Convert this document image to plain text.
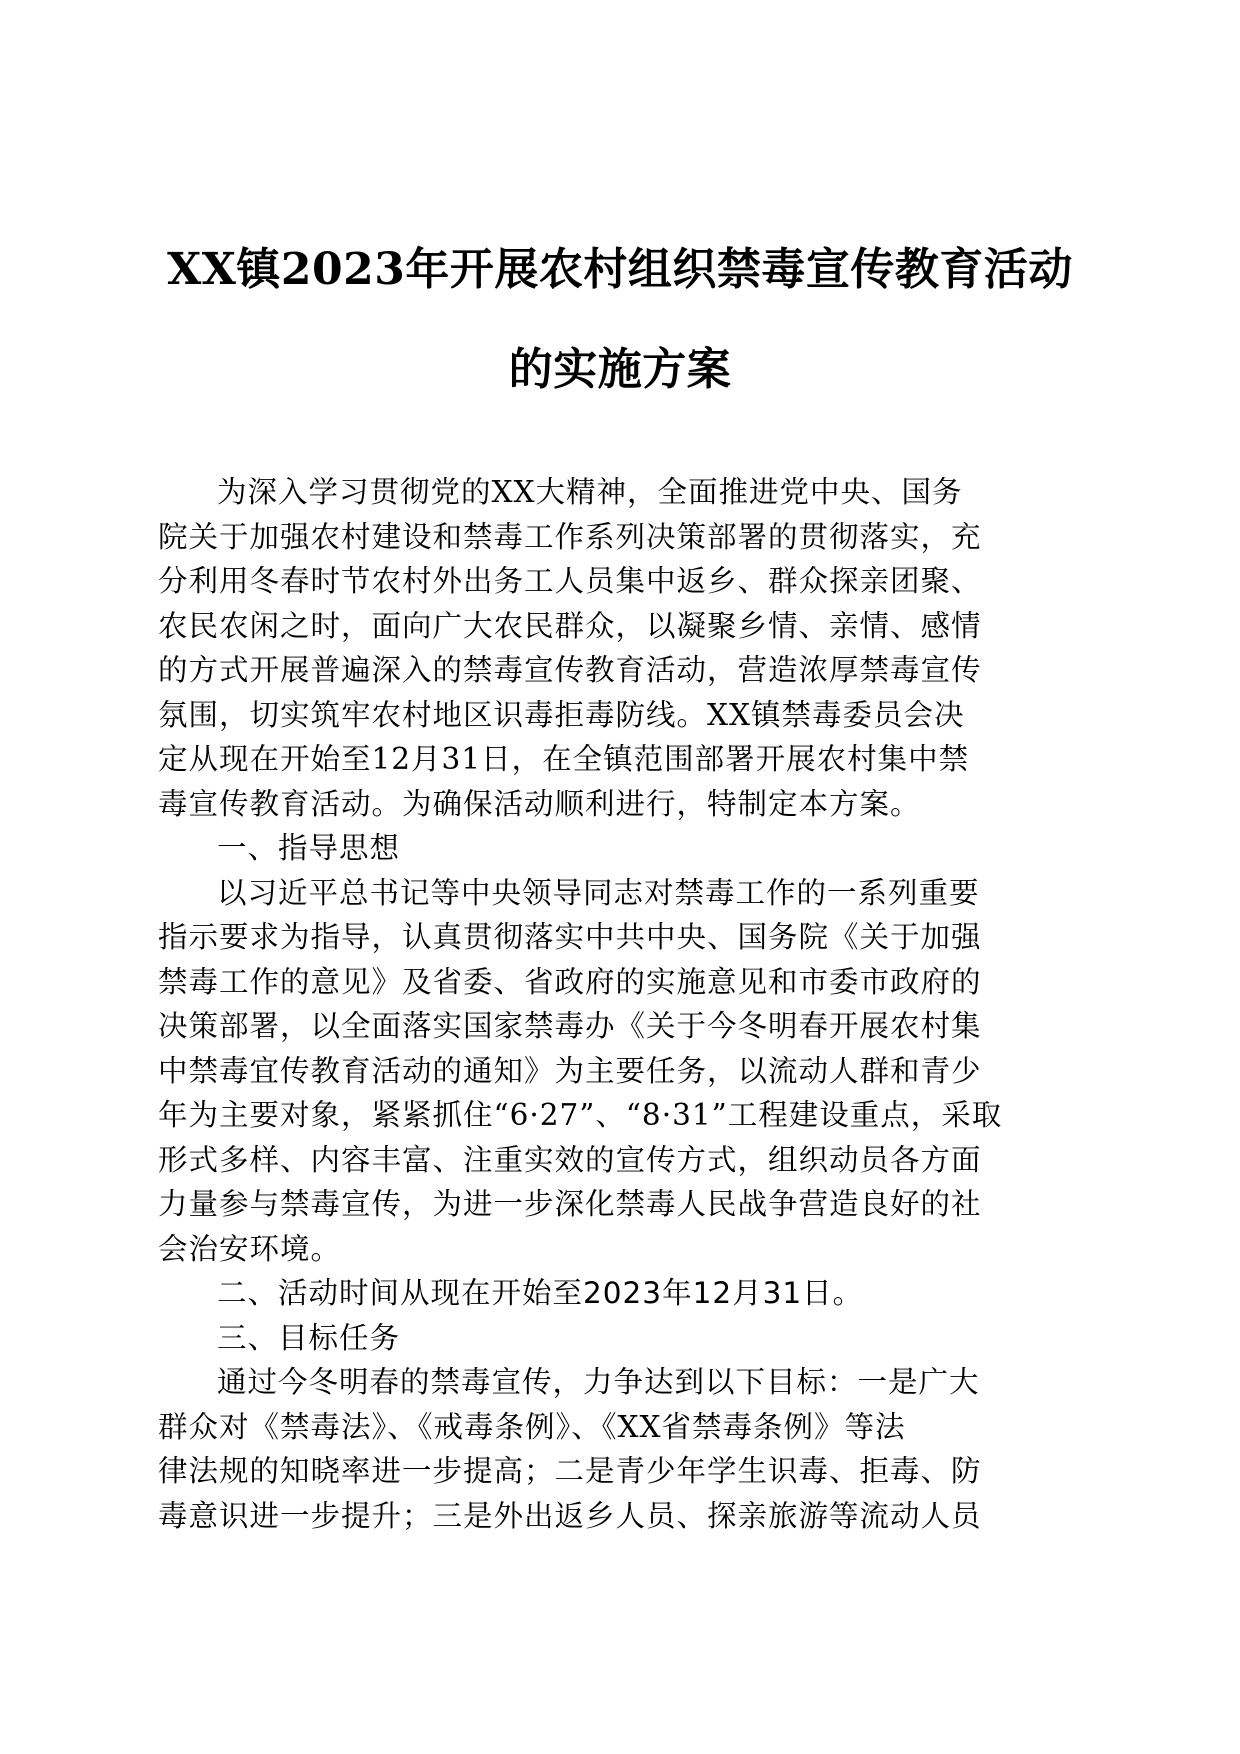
XX镇2023年开展农村组织禁毒宣传教育活动
的实施方案

为深入学习贯彻党的XX大精神，全面推进党中央、国务
院关于加强农村建设和禁毒工作系列决策部署的贯彻落实，充
分利用冬春时节农村外出务工人员集中返乡、群众探亲团聚、
农民农闲之时，面向广大农民群众，以凝聚乡情、亲情、感情
的方式开展普遍深入的禁毒宣传教育活动，营造浓厚禁毒宣传
氛围，切实筑牢农村地区识毒拒毒防线。XX镇禁毒委员会决
定从现在开始至12月31日，在全镇范围部署开展农村集中禁
毒宣传教育活动。为确保活动顺利进行，特制定本方案。

一、指导思想

以习近平总书记等中央领导同志对禁毒工作的一系列重要
指示要求为指导，认真贯彻落实中共中央、国务院《关于加强
禁毒工作的意见》及省委、省政府的实施意见和市委市政府的
决策部署，以全面落实国家禁毒办《关于今冬明春开展农村集
中禁毒宜传教育活动的通知》为主要任务，以流动人群和青少
年为主要对象，紧紧抓住“6·27”、“8·31”工程建设重点，采取
形式多样、内容丰富、注重实效的宣传方式，组织动员各方面
力量参与禁毒宣传，为进一步深化禁毒人民战争营造良好的社
会治安环境。

二、活动时间从现在开始至2023年12月31日。

三、目标任务

通过今冬明春的禁毒宣传，力争达到以下目标：一是广大
群众对《禁毒法》、《戒毒条例》、《XX省禁毒条例》等法
律法规的知晓率进一步提高；二是青少年学生识毒、拒毒、防
毒意识进一步提升；三是外出返乡人员、探亲旅游等流动人员
